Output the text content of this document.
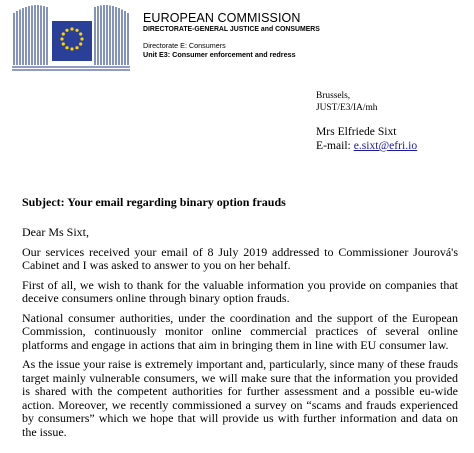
EUROPEAN COMMISSION
DIRECTORATE-GENERAL JUSTICE and CONSUMERS
Directorate E: Consumers
Unit E3: Consumer enforcement and redress
Brussels,
JUST/E3/IA/mh
Mrs Elfriede Sixt
E-mail: e.sixt@efri.io
Subject: Your email regarding binary option frauds

Dear Ms Sixt,

Our services received your email of 8 July 2019 addressed to Commissioner Jourová's Cabinet and I was asked to answer to you on her behalf.

First of all, we wish to thank for the valuable information you provide on companies that deceive consumers online through binary option frauds.

National consumer authorities, under the coordination and the support of the European Commission, continuously monitor online commercial practices of several online platforms and engage in actions that aim in bringing them in line with EU consumer law.

As the issue your raise is extremely important and, particularly, since many of these frauds target mainly vulnerable consumers, we will make sure that the information you provided is shared with the competent authorities for further assessment and a possible eu-wide action. Moreover, we recently commissioned a survey on “scams and frauds experienced by consumers” which we hope that will provide us with further information and data on the issue.
